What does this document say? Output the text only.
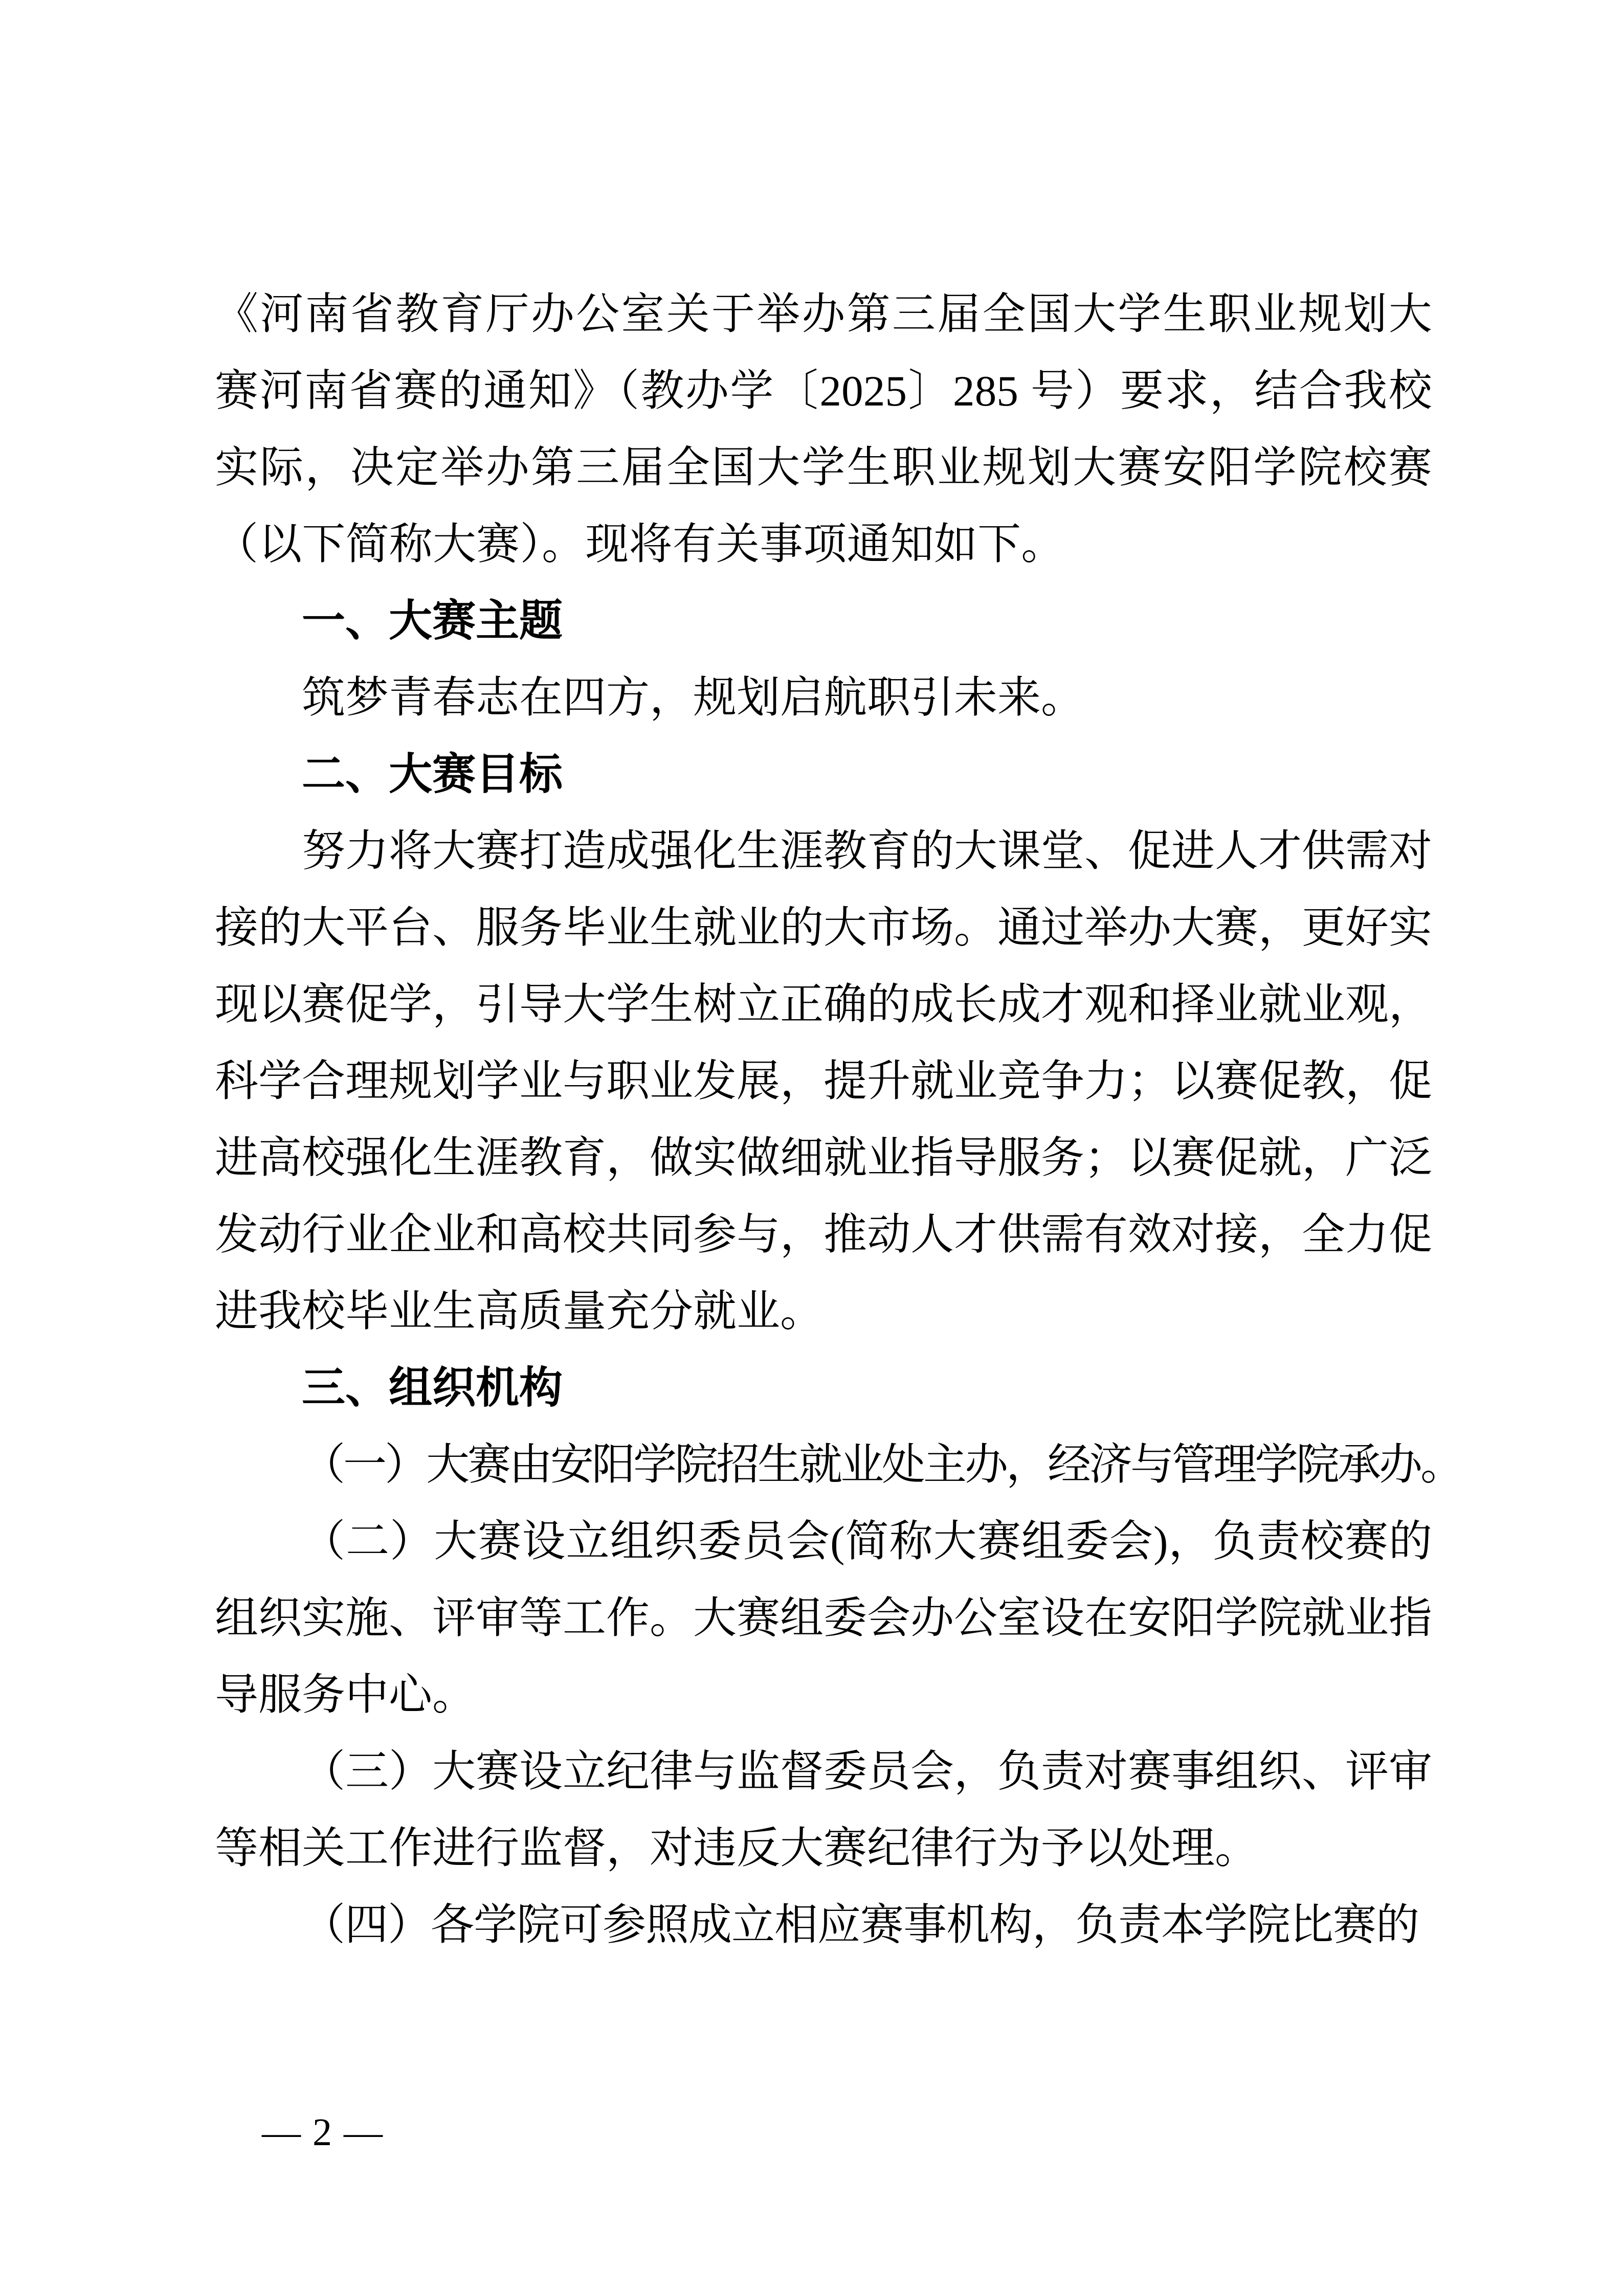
《河南省教育厅办公室关于举办第三届全国大学生职业规划大赛河南省赛的通知》（教办学〔2025〕285 号）要求，结合我校实际，决定举办第三届全国大学生职业规划大赛安阳学院校赛（以下简称大赛）。现将有关事项通知如下。

一、大赛主题

筑梦青春志在四方，规划启航职引未来。

二、大赛目标

努力将大赛打造成强化生涯教育的大课堂、促进人才供需对接的大平台、服务毕业生就业的大市场。通过举办大赛，更好实现以赛促学，引导大学生树立正确的成长成才观和择业就业观，科学合理规划学业与职业发展，提升就业竞争力；以赛促教，促进高校强化生涯教育，做实做细就业指导服务；以赛促就，广泛发动行业企业和高校共同参与，推动人才供需有效对接，全力促进我校毕业生高质量充分就业。

三、组织机构

（一）大赛由安阳学院招生就业处主办，经济与管理学院承办。

（二）大赛设立组织委员会(简称大赛组委会)，负责校赛的组织实施、评审等工作。大赛组委会办公室设在安阳学院就业指导服务中心。

（三）大赛设立纪律与监督委员会，负责对赛事组织、评审等相关工作进行监督，对违反大赛纪律行为予以处理。

（四）各学院可参照成立相应赛事机构，负责本学院比赛的

— 2 —
